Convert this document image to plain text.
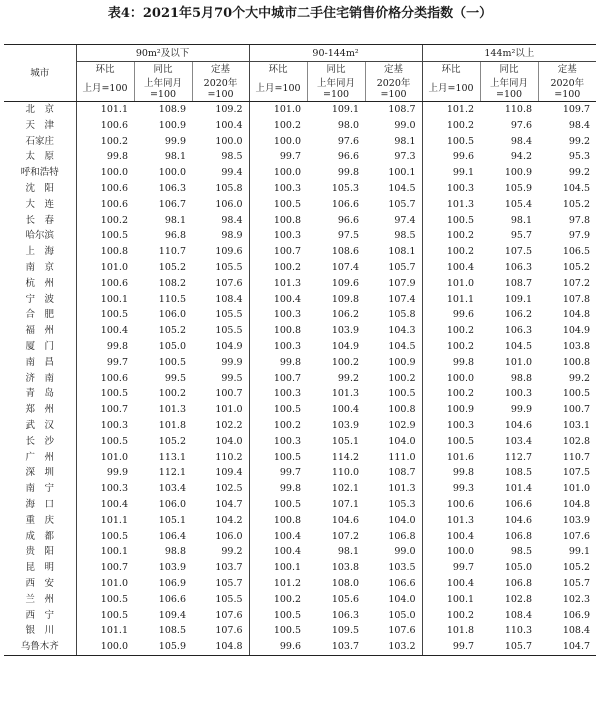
表4：2021年5月70个大中城市二手住宅销售价格分类指数（一）
城市	90m²及以下			90-144m²			144m²以上		
	环比	同比	定基	环比	同比	定基	环比	同比	定基
	上月=100	上年同月=100	2020年=100	上月=100	上年同月=100	2020年=100	上月=100	上年同月=100	2020年=100
北　京	101.1	108.9	109.2	101.0	109.1	108.7	101.2	110.8	109.7
天　津	100.6	100.9	100.4	100.2	98.0	99.0	100.2	97.6	98.4
石家庄	100.2	99.9	100.0	100.0	97.6	98.1	100.5	98.4	99.2
太　原	99.8	98.1	98.5	99.7	96.6	97.3	99.6	94.2	95.3
呼和浩特	100.0	100.0	99.4	100.0	99.8	100.1	99.1	100.9	99.2
沈　阳	100.6	106.3	105.8	100.3	105.3	104.5	100.3	105.9	104.5
大　连	100.6	106.7	106.0	100.5	106.6	105.7	101.3	105.4	105.2
长　春	100.2	98.1	98.4	100.8	96.6	97.4	100.5	98.1	97.8
哈尔滨	100.5	96.8	98.9	100.3	97.5	98.5	100.2	95.7	97.9
上　海	100.8	110.7	109.6	100.7	108.6	108.1	100.2	107.5	106.5
南　京	101.0	105.2	105.5	100.2	107.4	105.7	100.4	106.3	105.2
杭　州	100.6	108.2	107.6	101.3	109.6	107.9	101.0	108.7	107.2
宁　波	100.1	110.5	108.4	100.4	109.8	107.4	101.1	109.1	107.8
合　肥	100.5	106.0	105.5	100.3	106.2	105.8	99.6	106.2	104.8
福　州	100.4	105.2	105.5	100.8	103.9	104.3	100.2	106.3	104.9
厦　门	99.8	105.0	104.9	100.3	104.9	104.5	100.2	104.5	103.8
南　昌	99.7	100.5	99.9	99.8	100.2	100.9	99.8	101.0	100.8
济　南	100.6	99.5	99.5	100.7	99.2	100.2	100.0	98.8	99.2
青　岛	100.5	100.2	100.7	100.3	101.3	100.5	100.2	100.3	100.5
郑　州	100.7	101.3	101.0	100.5	100.4	100.8	100.9	99.9	100.7
武　汉	100.3	101.8	102.2	100.2	103.9	102.9	100.3	104.6	103.1
长　沙	100.5	105.2	104.0	100.3	105.1	104.0	100.5	103.4	102.8
广　州	101.0	113.1	110.2	100.5	114.2	111.0	101.6	112.7	110.7
深　圳	99.9	112.1	109.4	99.7	110.0	108.7	99.8	108.5	107.5
南　宁	100.3	103.4	102.5	99.8	102.1	101.3	99.3	101.4	101.0
海　口	100.4	106.0	104.7	100.5	107.1	105.3	100.6	106.6	104.8
重　庆	101.1	105.1	104.2	100.8	104.6	104.0	101.3	104.6	103.9
成　都	100.5	106.4	106.0	100.4	107.2	106.8	100.4	106.8	107.6
贵　阳	100.1	98.8	99.2	100.4	98.1	99.0	100.0	98.5	99.1
昆　明	100.7	103.9	103.7	100.1	103.8	103.5	99.7	105.0	105.2
西　安	101.0	106.9	105.7	101.2	108.0	106.6	100.4	106.8	105.7
兰　州	100.5	106.6	105.5	100.2	105.6	104.0	100.1	102.8	102.3
西　宁	100.5	109.4	107.6	100.5	106.3	105.0	100.2	108.4	106.9
银　川	101.1	108.5	107.6	100.5	109.5	107.6	101.8	110.3	108.4
乌鲁木齐	100.0	105.9	104.8	99.6	103.7	103.2	99.7	105.7	104.7
